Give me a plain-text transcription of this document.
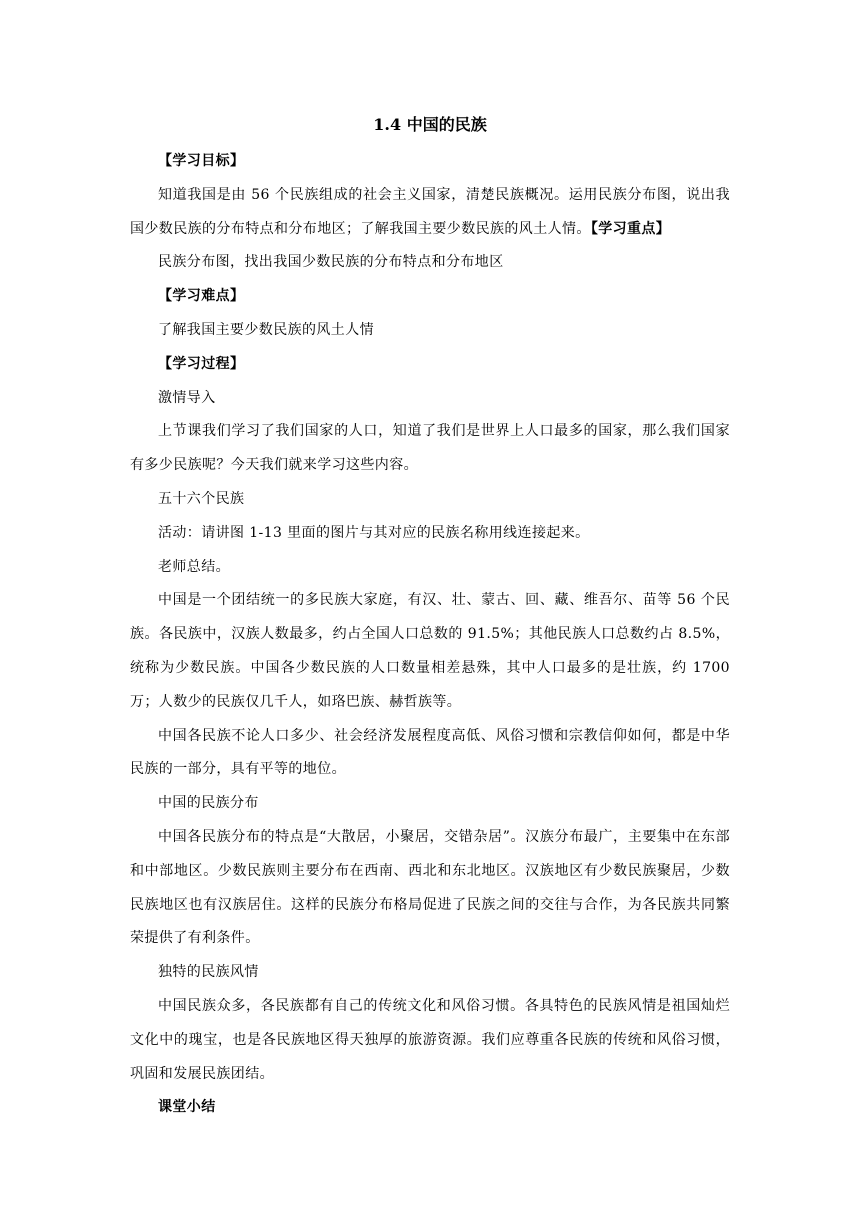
1.4 中国的民族

【学习目标】

知道我国是由 56 个民族组成的社会主义国家，清楚民族概况。运用民族分布图，说出我国少数民族的分布特点和分布地区；了解我国主要少数民族的风土人情。【学习重点】

民族分布图，找出我国少数民族的分布特点和分布地区

【学习难点】

了解我国主要少数民族的风土人情

【学习过程】

激情导入

上节课我们学习了我们国家的人口，知道了我们是世界上人口最多的国家，那么我们国家有多少民族呢？今天我们就来学习这些内容。

五十六个民族

活动：请讲图 1-13 里面的图片与其对应的民族名称用线连接起来。

老师总结。

中国是一个团结统一的多民族大家庭，有汉、壮、蒙古、回、藏、维吾尔、苗等 56 个民族。各民族中，汉族人数最多，约占全国人口总数的 91.5%；其他民族人口总数约占 8.5%，统称为少数民族。中国各少数民族的人口数量相差悬殊，其中人口最多的是壮族，约 1700 万；人数少的民族仅几千人，如珞巴族、赫哲族等。

中国各民族不论人口多少、社会经济发展程度高低、风俗习惯和宗教信仰如何，都是中华民族的一部分，具有平等的地位。

中国的民族分布

中国各民族分布的特点是“大散居，小聚居，交错杂居”。汉族分布最广，主要集中在东部和中部地区。少数民族则主要分布在西南、西北和东北地区。汉族地区有少数民族聚居，少数民族地区也有汉族居住。这样的民族分布格局促进了民族之间的交往与合作，为各民族共同繁荣提供了有利条件。

独特的民族风情

中国民族众多，各民族都有自己的传统文化和风俗习惯。各具特色的民族风情是祖国灿烂文化中的瑰宝，也是各民族地区得天独厚的旅游资源。我们应尊重各民族的传统和风俗习惯，巩固和发展民族团结。

课堂小结
